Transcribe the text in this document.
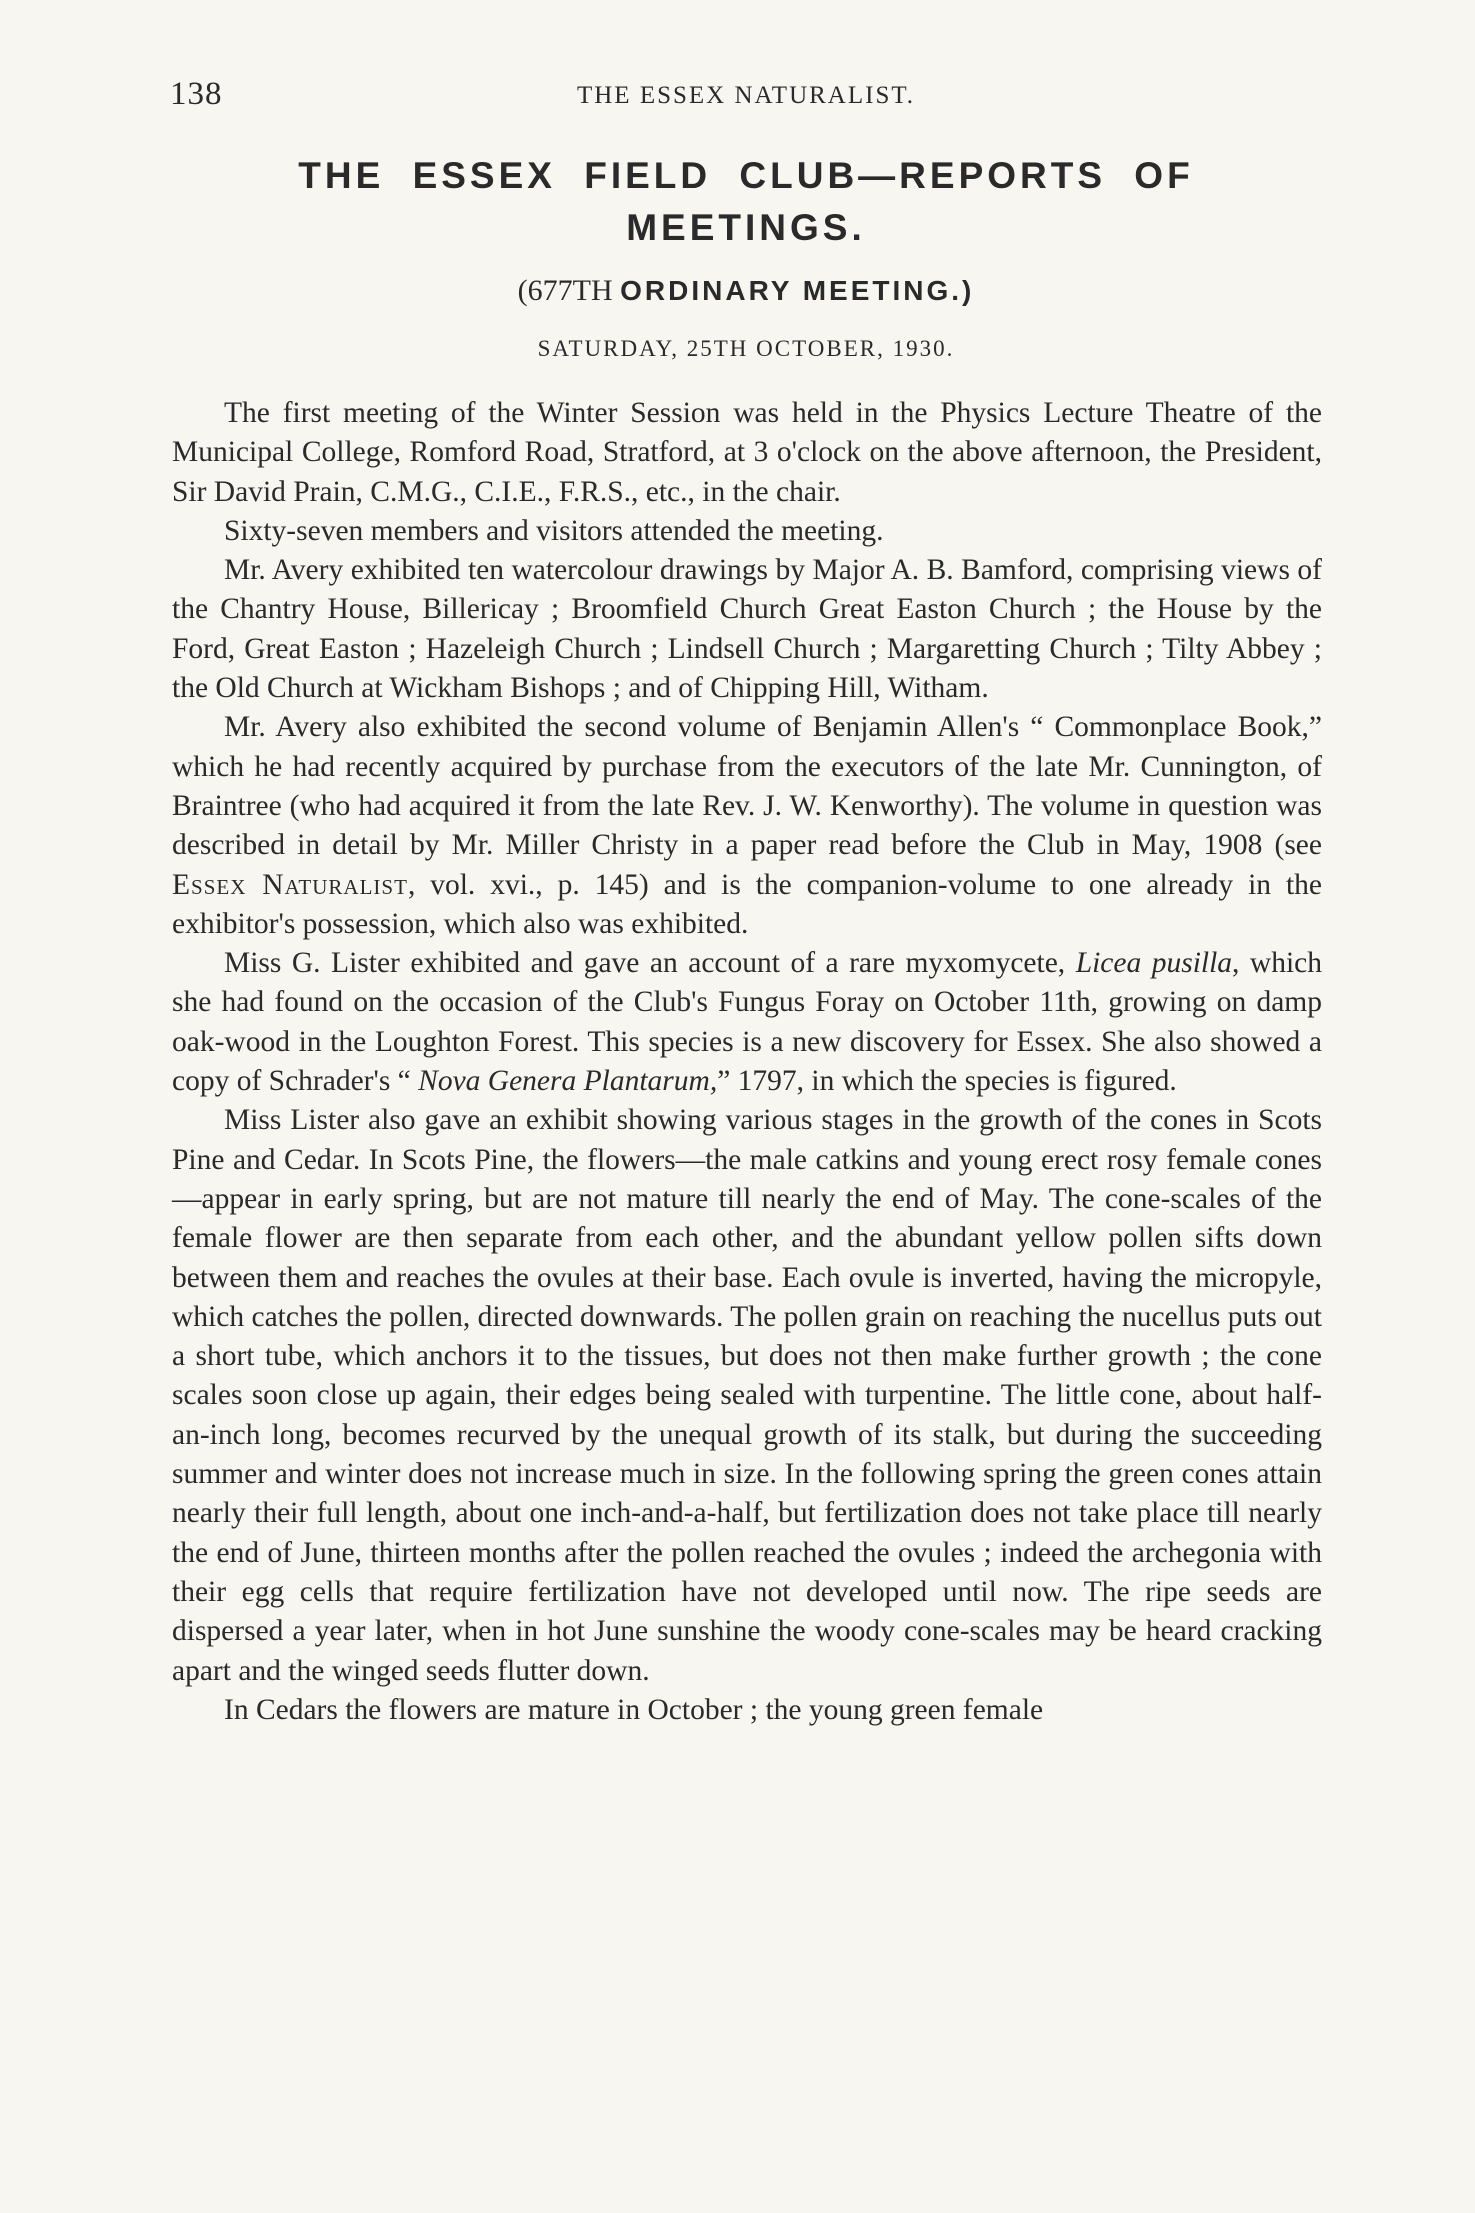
138	THE ESSEX NATURALIST.
THE ESSEX FIELD CLUB—REPORTS OF MEETINGS.
(677TH ORDINARY MEETING.)
SATURDAY, 25TH OCTOBER, 1930.

The first meeting of the Winter Session was held in the Physics Lecture Theatre of the Municipal College, Romford Road, Stratford, at 3 o'clock on the above afternoon, the President, Sir David Prain, C.M.G., C.I.E., F.R.S., etc., in the chair.

Sixty-seven members and visitors attended the meeting.

Mr. Avery exhibited ten watercolour drawings by Major A. B. Bamford, comprising views of the Chantry House, Billericay ; Broomfield Church Great Easton Church ; the House by the Ford, Great Easton ; Hazeleigh Church ; Lindsell Church ; Margaretting Church ; Tilty Abbey ; the Old Church at Wickham Bishops ; and of Chipping Hill, Witham.

Mr. Avery also exhibited the second volume of Benjamin Allen's “ Commonplace Book,” which he had recently acquired by purchase from the executors of the late Mr. Cunnington, of Braintree (who had acquired it from the late Rev. J. W. Kenworthy). The volume in question was described in detail by Mr. Miller Christy in a paper read before the Club in May, 1908 (see Essex Naturalist, vol. xvi., p. 145) and is the companion-volume to one already in the exhibitor's possession, which also was exhibited.

Miss G. Lister exhibited and gave an account of a rare myxomycete, Licea pusilla, which she had found on the occasion of the Club's Fungus Foray on October 11th, growing on damp oak-wood in the Loughton Forest. This species is a new discovery for Essex. She also showed a copy of Schrader's “ Nova Genera Plantarum,” 1797, in which the species is figured.

Miss Lister also gave an exhibit showing various stages in the growth of the cones in Scots Pine and Cedar. In Scots Pine, the flowers—the male catkins and young erect rosy female cones—appear in early spring, but are not mature till nearly the end of May. The cone-scales of the female flower are then separate from each other, and the abundant yellow pollen sifts down between them and reaches the ovules at their base. Each ovule is inverted, having the micropyle, which catches the pollen, directed downwards. The pollen grain on reaching the nucellus puts out a short tube, which anchors it to the tissues, but does not then make further growth ; the cone scales soon close up again, their edges being sealed with turpentine. The little cone, about half-an-inch long, becomes recurved by the unequal growth of its stalk, but during the succeeding summer and winter does not increase much in size. In the following spring the green cones attain nearly their full length, about one inch-and-a-half, but fertilization does not take place till nearly the end of June, thirteen months after the pollen reached the ovules ; indeed the archegonia with their egg cells that require fertilization have not developed until now. The ripe seeds are dispersed a year later, when in hot June sunshine the woody cone-scales may be heard cracking apart and the winged seeds flutter down.

In Cedars the flowers are mature in October ; the young green female
